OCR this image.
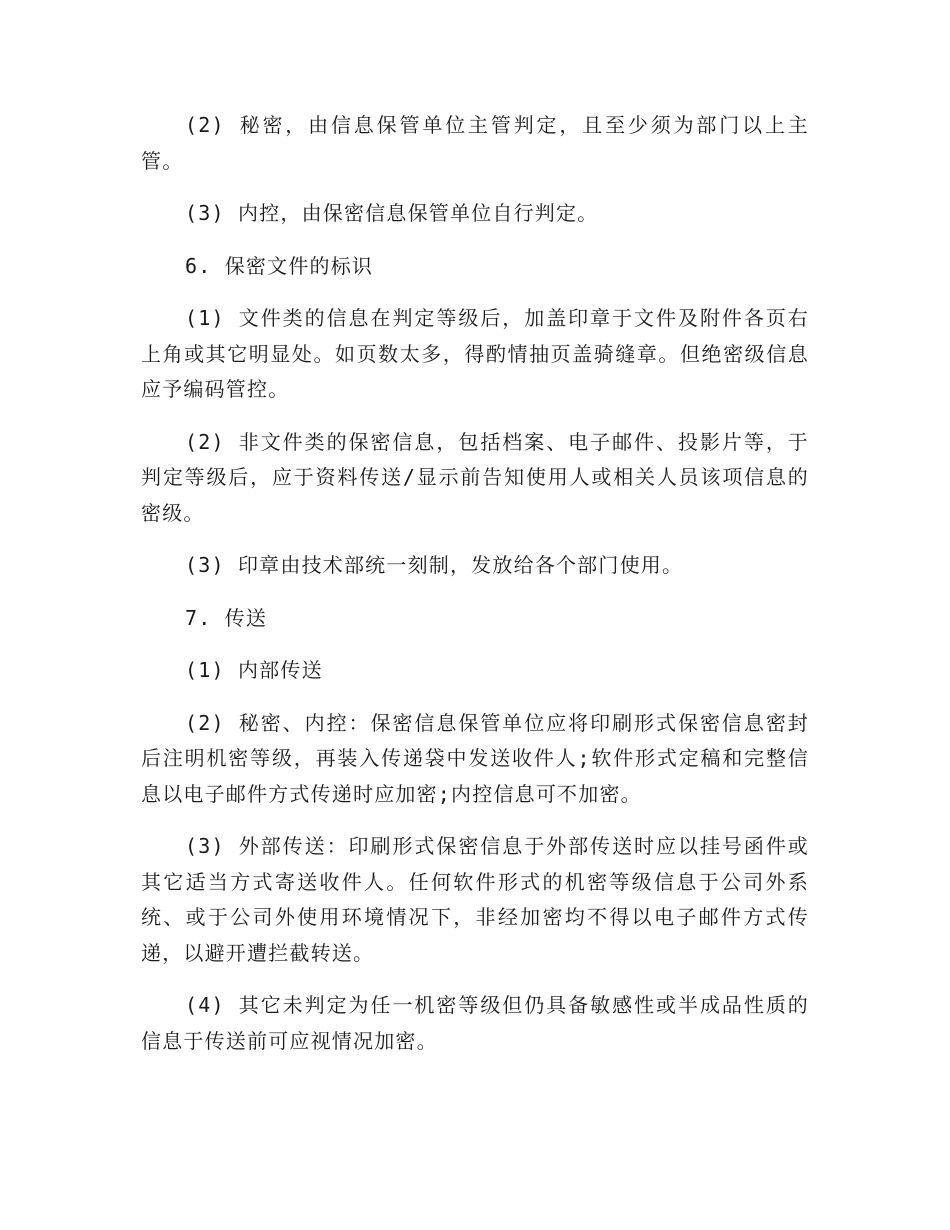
(2) 秘密，由信息保管单位主管判定，且至少须为部门以上主管。

(3) 内控，由保密信息保管单位自行判定。

6. 保密文件的标识

(1) 文件类的信息在判定等级后，加盖印章于文件及附件各页右上角或其它明显处。如页数太多，得酌情抽页盖骑缝章。但绝密级信息应予编码管控。

(2) 非文件类的保密信息，包括档案、电子邮件、投影片等，于判定等级后，应于资料传送/显示前告知使用人或相关人员该项信息的密级。

(3) 印章由技术部统一刻制，发放给各个部门使用。

7. 传送

(1) 内部传送

(2) 秘密、内控：保密信息保管单位应将印刷形式保密信息密封后注明机密等级，再装入传递袋中发送收件人;软件形式定稿和完整信息以电子邮件方式传递时应加密;内控信息可不加密。

(3) 外部传送：印刷形式保密信息于外部传送时应以挂号函件或其它适当方式寄送收件人。任何软件形式的机密等级信息于公司外系统、或于公司外使用环境情况下，非经加密均不得以电子邮件方式传递，以避开遭拦截转送。

(4) 其它未判定为任一机密等级但仍具备敏感性或半成品性质的信息于传送前可应视情况加密。
